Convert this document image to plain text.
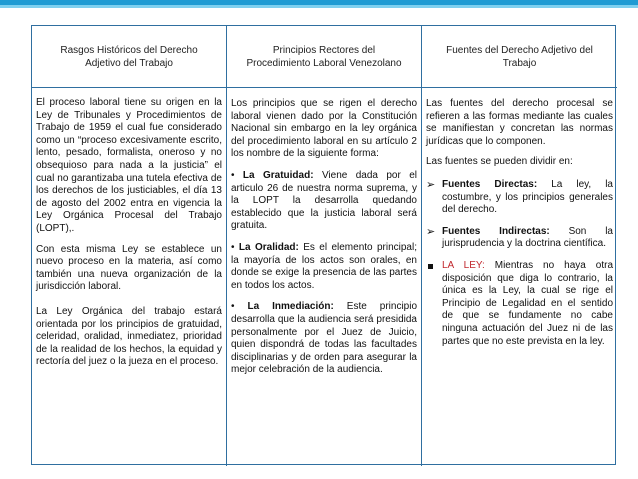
Rasgos Históricos del Derecho Adjetivo del Trabajo
Principios Rectores del Procedimiento Laboral Venezolano
Fuentes del Derecho Adjetivo del Trabajo

El proceso laboral tiene su origen en la Ley de Tribunales y Procedimientos de Trabajo de 1959 el cual fue considerado como un “proceso excesivamente escrito, lento, pesado, formalista, oneroso y no obsequioso para nada a la justicia” el cual no garantizaba una tutela efectiva de los derechos de los justiciables, el día 13 de agosto del 2002 entra en vigencia la Ley Orgánica Procesal del Trabajo (LOPT),.

Con esta misma Ley se establece un nuevo proceso en la materia, así como también una nueva organización de la jurisdicción laboral.

La Ley Orgánica del trabajo estará orientada por los principios de gratuidad, celeridad, oralidad, inmediatez, prioridad de la realidad de los hechos, la equidad y rectoría del juez o la jueza en el proceso.

Los principios que se rigen el derecho laboral vienen dado por la Constitución Nacional sin embargo en la ley orgánica del procedimiento laboral en su artículo 2 los nombre de la siguiente forma:

• La Gratuidad: Viene dada por el articulo 26 de nuestra norma suprema, y la LOPT la desarrolla quedando establecido que la justicia laboral será gratuita.

• La Oralidad: Es el elemento principal; la mayoría de los actos son orales, en donde se exige la presencia de las partes en todos los actos.

• La Inmediación: Este principio desarrolla que la audiencia será presidida personalmente por el Juez de Juicio, quien dispondrá de todas las facultades disciplinarias y de orden para asegurar la mejor celebración de la audiencia.

Las fuentes del derecho procesal se refieren a las formas mediante las cuales se manifiestan y concretan las normas jurídicas que lo componen.

Las fuentes se pueden dividir en:

➢ Fuentes Directas: La ley, la costumbre, y los principios generales del derecho.
➢ Fuentes Indirectas: Son la jurisprudencia y la doctrina científica.
LA LEY: Mientras no haya otra disposición que diga lo contrario, la única es la Ley, la cual se rige el Principio de Legalidad en el sentido de que se fundamente no cabe ninguna actuación del Juez ni de las partes que no este prevista en la ley.
